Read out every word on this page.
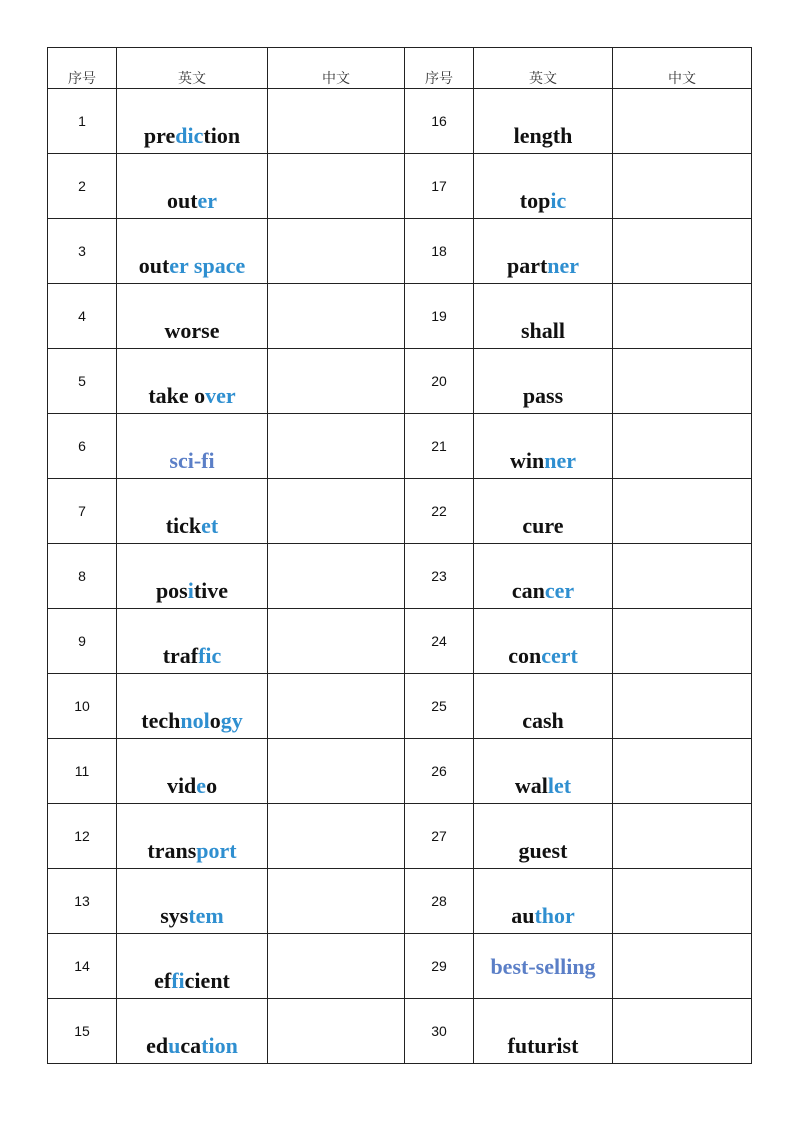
序号	英文	中文	序号	英文	中文

1	prediction		16	length	

2	outer		17	topic	

3	outer space		18	partner	

4	worse		19	shall	

5	take over		20	pass	

6	sci-fi		21	winner	

7	ticket		22	cure	

8	positive		23	cancer	

9	traffic		24	concert	

10	technology		25	cash	

11	video		26	wallet	

12	transport		27	guest	

13	system		28	author	

14	efficient		29	best-selling	

15	education		30	futurist	
